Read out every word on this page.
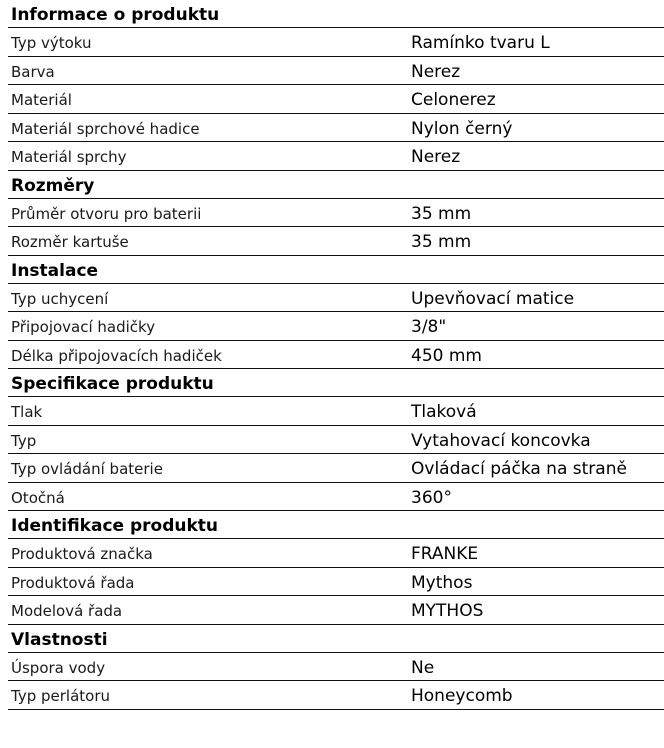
Informace o produktu
Typ výtoku	Ramínko tvaru L
Barva	Nerez
Materiál	Celonerez
Materiál sprchové hadice	Nylon černý
Materiál sprchy	Nerez
Rozměry
Průměr otvoru pro baterii	35 mm
Rozměr kartuše	35 mm
Instalace
Typ uchycení	Upevňovací matice
Připojovací hadičky	3/8"
Délka připojovacích hadiček	450 mm
Specifikace produktu
Tlak	Tlaková
Typ	Vytahovací koncovka
Typ ovládání baterie	Ovládací páčka na straně
Otočná	360°
Identifikace produktu
Produktová značka	FRANKE
Produktová řada	Mythos
Modelová řada	MYTHOS
Vlastnosti
Úspora vody	Ne
Typ perlátoru	Honeycomb
